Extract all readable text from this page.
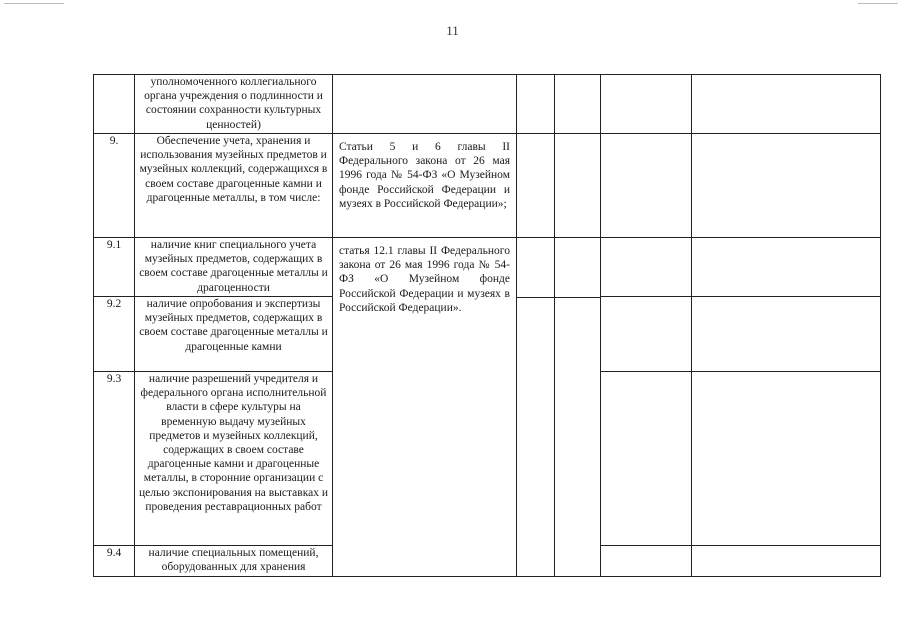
11
	уполномоченного коллегиального органа учреждения о подлинности и состоянии сохранности культурных ценностей)					
9.	Обеспечение учета, хранения и использования музейных предметов и музейных коллекций, содержащихся в своем составе драгоценные камни и драгоценные металлы, в том числе:	Статьи 5 и 6 главы II Федерального закона от 26 мая 1996 года № 54-ФЗ «О Музейном фонде Российской Федерации и музеях в Российской Федерации»;				

9.1	наличие книг специального учета музейных предметов, содержащих в своем составе драгоценные металлы и драгоценности	статья 12.1 главы II Федерального закона от 26 мая 1996 года № 54-ФЗ «О Музейном фонде Российской Федерации и музеях в Российской Федерации».				

9.2	наличие опробования и экспертизы музейных предметов, содержащих в своем составе драгоценные металлы и драгоценные камни					
9.3	наличие разрешений учредителя и федерального органа исполнительной власти в сфере культуры на временную выдачу музейных предметов и музейных коллекций, содержащих в своем составе драгоценные камни и драгоценные металлы, в сторонние организации с целью экспонирования на выставках и проведения реставрационных работ					
9.4	наличие специальных помещений, оборудованных для хранения					
